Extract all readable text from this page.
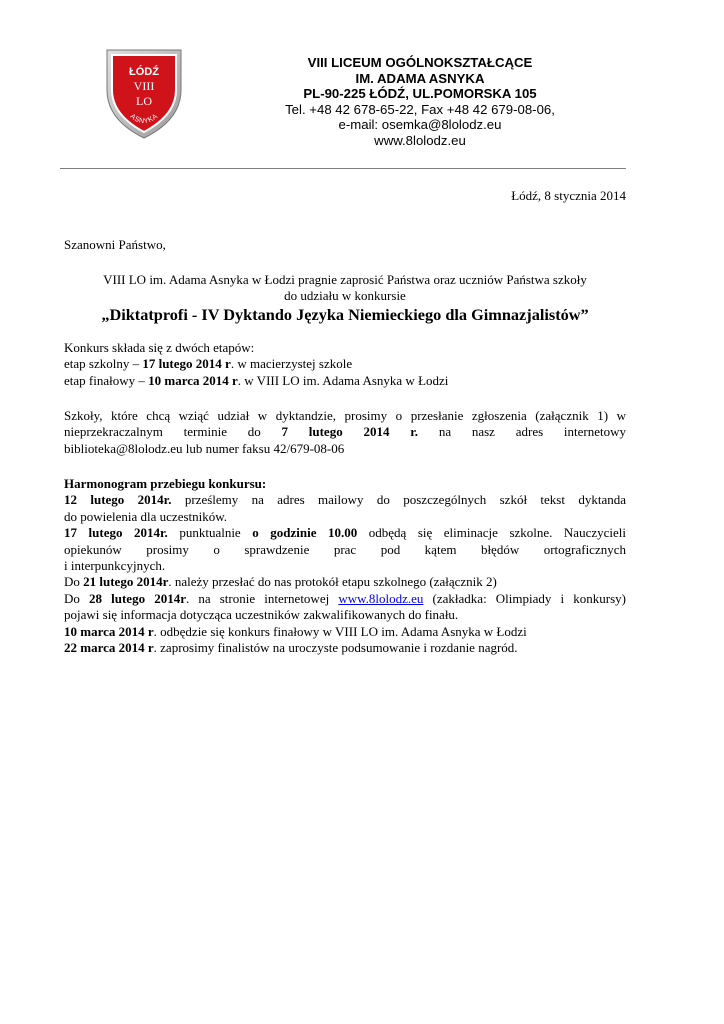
ŁÓDŹ
VIII
LO
ASNYKA
VIII LICEUM OGÓLNOKSZTAŁCĄCE
IM. ADAMA ASNYKA
PL-90-225 ŁÓDŹ, UL.POMORSKA 105
Tel. +48 42 678-65-22, Fax +48 42 679-08-06,
e-mail: osemka@8lolodz.eu
www.8lolodz.eu
Łódź, 8 stycznia 2014
Szanowni Państwo,
VIII LO im. Adama Asnyka w Łodzi pragnie zaprosić Państwa oraz uczniów Państwa szkoły
do udziału w konkursie
„Diktatprofi - IV Dyktando Języka Niemieckiego dla Gimnazjalistów”
Konkurs składa się z dwóch etapów:
etap szkolny – 17 lutego 2014 r. w macierzystej szkole
etap finałowy – 10 marca 2014 r. w VIII LO im. Adama Asnyka w Łodzi
Szkoły, które chcą wziąć udział w dyktandzie, prosimy o przesłanie zgłoszenia (załącznik 1) w
nieprzekraczalnym terminie do 7 lutego 2014 r. na nasz adres internetowy
biblioteka@8lolodz.eu lub numer faksu 42/679-08-06
Harmonogram przebiegu konkursu:
12 lutego 2014r. prześlemy na adres mailowy do poszczególnych szkół tekst dyktanda
do powielenia dla uczestników.
17 lutego 2014r. punktualnie o godzinie 10.00 odbędą się eliminacje szkolne. Nauczycieli
opiekunów prosimy o sprawdzenie prac pod kątem błędów ortograficznych
i interpunkcyjnych.
Do 21 lutego 2014r. należy przesłać do nas protokół etapu szkolnego (załącznik 2)
Do 28 lutego 2014r. na stronie internetowej www.8lolodz.eu (zakładka: Olimpiady i konkursy)
pojawi się informacja dotycząca uczestników zakwalifikowanych do finału.
10 marca 2014 r. odbędzie się konkurs finałowy w VIII LO im. Adama Asnyka w Łodzi
22 marca 2014 r. zaprosimy finalistów na uroczyste podsumowanie i rozdanie nagród.
